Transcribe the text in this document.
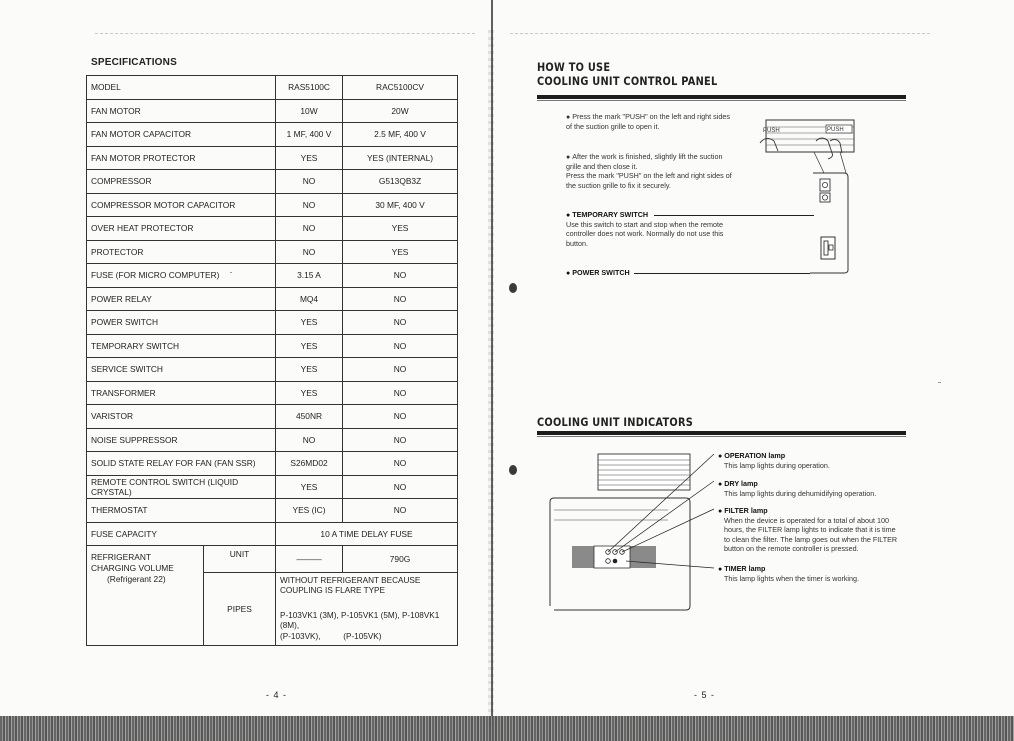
SPECIFICATIONS
MODEL		RAS5100C	RAC5100CV
FAN MOTOR		10W	20W
FAN MOTOR CAPACITOR		1 ΜF, 400 V	2.5 ΜF, 400 V
FAN MOTOR PROTECTOR		YES	YES (INTERNAL)
COMPRESSOR		NO	G513QB3Z
COMPRESSOR MOTOR CAPACITOR		NO	30 ΜF, 400 V
OVER HEAT PROTECTOR		NO	YES
PROTECTOR		NO	YES
FUSE (FOR MICRO COMPUTER)		3.15 A	NO
POWER RELAY		MQ4	NO
POWER SWITCH		YES	NO
TEMPORARY SWITCH		YES	NO
SERVICE SWITCH		YES	NO
TRANSFORMER		YES	NO
VARISTOR		450NR	NO
NOISE SUPPRESSOR		NO	NO
SOLID STATE RELAY FOR FAN (FAN SSR)		S26MD02	NO
REMOTE CONTROL SWITCH (LIQUID CRYSTAL)		YES	NO
THERMOSTAT		YES (IC)	NO
FUSE CAPACITY		10 A TIME DELAY FUSE	
REFRIGERANT
CHARGING VOLUME
(Refrigerant 22)	UNIT	———	790G
	PIPES	WITHOUT REFRIGERANT BECAUSE COUPLING IS FLARE TYPE
P-103VK1 (3M), P-105VK1 (5M), P-108VK1 (8M),
(P-103VK),          (P-105VK)	
- 4 -
HOW TO USE
COOLING UNIT CONTROL PANEL
● Press the mark "PUSH" on the left and right sides of the suction grille to open it.
● After the work is finished, slightly lift the suction grille and then close it.
Press the mark "PUSH" on the left and right sides of the suction grille to fix it securely.
● TEMPORARY SWITCH
Use this switch to start and stop when the remote controller does not work. Normally do not use this button.
● POWER SWITCH
PUSH	PUSH
COOLING UNIT INDICATORS
● OPERATION lamp
This lamp lights during operation.
● DRY lamp
This lamp lights during dehumidifying operation.
● FILTER lamp

When the device is operated for a total of about 100 hours, the FILTER lamp lights to indicate that it is time to clean the filter. The lamp goes out when the FILTER button on the remote controller is pressed.
● TIMER lamp
This lamp lights when the timer is working.
- 5 -
